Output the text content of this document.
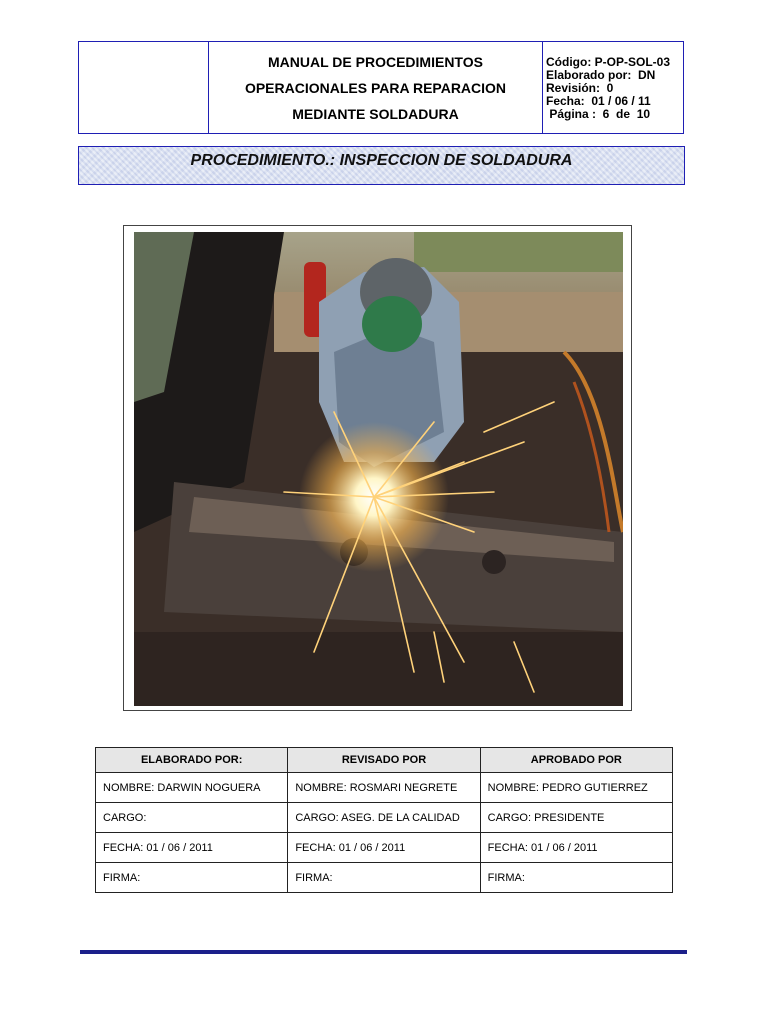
MANUAL DE PROCEDIMIENTOS
OPERACIONALES PARA REPARACION
MEDIANTE SOLDADURA
Código: P-OP-SOL-03
Elaborado por:  DN
Revisión:  0
Fecha:  01 / 06 / 11
Página :  6  de  10
PROCEDIMIENTO.: INSPECCION DE SOLDADURA
ELABORADO POR:	REVISADO POR	APROBADO POR
NOMBRE: DARWIN NOGUERA	NOMBRE: ROSMARI NEGRETE	NOMBRE: PEDRO GUTIERREZ
CARGO:	CARGO: ASEG. DE LA CALIDAD	CARGO: PRESIDENTE
FECHA: 01 / 06 / 2011	FECHA: 01 / 06 / 2011	FECHA: 01 / 06 / 2011
FIRMA:	FIRMA:	FIRMA:
